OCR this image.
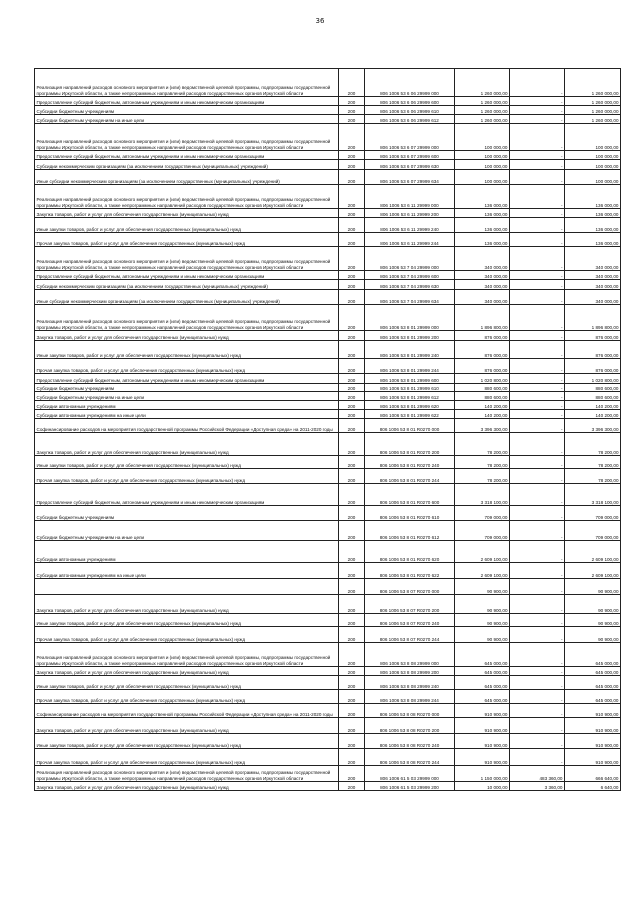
36
Реализация направлений расходов основного мероприятия и (или) ведомственной целевой программы, подпрограммы государственной программы Иркутской области, а также непрограммных направлений расходов государственных органов Иркутской области	200	806 1006 53 6 06 29999 000	1 260 000,00	-	1 260 000,00
Предоставление субсидий бюджетным, автономным учреждениям и иным некоммерческим организациям	200	806 1006 53 6 06 29999 600	1 260 000,00	-	1 260 000,00
Субсидии бюджетным учреждениям	200	806 1006 53 6 06 29999 610	1 260 000,00	-	1 260 000,00
Субсидии бюджетным учреждениям на иные цели	200	806 1006 53 6 06 29999 612	1 260 000,00	-	1 260 000,00
Реализация направлений расходов основного мероприятия и (или) ведомственной целевой программы, подпрограммы государственной программы Иркутской области, а также непрограммных направлений расходов государственных органов Иркутской области	200	806 1006 53 6 07 29999 000	100 000,00	-	100 000,00
Предоставление субсидий бюджетным, автономным учреждениям и иным некоммерческим организациям	200	806 1006 53 6 07 29999 600	100 000,00	-	100 000,00
Субсидии некоммерческим организациям (за исключением государственных (муниципальных) учреждений)	200	806 1006 53 6 07 29999 630	100 000,00	-	100 000,00
Иные субсидии некоммерческим организациям (за исключением государственных (муниципальных) учреждений)	200	806 1006 53 6 07 29999 634	100 000,00	-	100 000,00
Реализация направлений расходов основного мероприятия и (или) ведомственной целевой программы, подпрограммы государственной программы Иркутской области, а также непрограммных направлений расходов государственных органов Иркутской области	200	806 1006 53 6 11 29999 000	136 000,00	-	136 000,00
Закупка товаров, работ и услуг для обеспечения государственных (муниципальных) нужд	200	806 1006 53 6 11 29999 200	136 000,00	-	136 000,00
Иные закупки товаров, работ и услуг для обеспечения государственных (муниципальных) нужд	200	806 1006 53 6 11 29999 240	136 000,00	-	136 000,00
Прочая закупка товаров, работ и услуг для обеспечения государственных (муниципальных) нужд	200	806 1006 53 6 11 29999 244	136 000,00	-	136 000,00
Реализация направлений расходов основного мероприятия и (или) ведомственной целевой программы, подпрограммы государственной программы Иркутской области, а также непрограммных направлений расходов государственных органов Иркутской области	200	806 1006 53 7 04 29999 000	340 000,00	-	340 000,00
Предоставление субсидий бюджетным, автономным учреждениям и иным некоммерческим организациям	200	806 1006 53 7 04 29999 600	340 000,00	-	340 000,00
Субсидии некоммерческим организациям (за исключением государственных (муниципальных) учреждений)	200	806 1006 53 7 04 29999 630	340 000,00	-	340 000,00
Иные субсидии некоммерческим организациям (за исключением государственных (муниципальных) учреждений)	200	806 1006 53 7 04 29999 634	340 000,00	-	340 000,00
Реализация направлений расходов основного мероприятия и (или) ведомственной целевой программы, подпрограммы государственной программы Иркутской области, а также непрограммных направлений расходов государственных органов Иркутской области	200	806 1006 53 8 01 29999 000	1 896 800,00	-	1 896 800,00
Закупка товаров, работ и услуг для обеспечения государственных (муниципальных) нужд	200	806 1006 53 8 01 29999 200	876 000,00	-	876 000,00
Иные закупки товаров, работ и услуг для обеспечения государственных (муниципальных) нужд	200	806 1006 53 8 01 29999 240	876 000,00	-	876 000,00
Прочая закупка товаров, работ и услуг для обеспечения государственных (муниципальных) нужд	200	806 1006 53 8 01 29999 244	876 000,00	-	876 000,00
Предоставление субсидий бюджетным, автономным учреждениям и иным некоммерческим организациям	200	806 1006 53 8 01 29999 600	1 020 800,00	-	1 020 800,00
Субсидии бюджетным учреждениям	200	806 1006 53 8 01 29999 610	880 600,00	-	880 600,00
Субсидии бюджетным учреждениям на иные цели	200	806 1006 53 8 01 29999 612	880 600,00	-	880 600,00
Субсидии автономным учреждениям	200	806 1006 53 8 01 29999 620	140 200,00	-	140 200,00
Субсидии автономным учреждениям на иные цели	200	806 1006 53 8 01 29999 622	140 200,00	-	140 200,00
Софинансирование расходов на мероприятия государственной программы Российской Федерации «Доступная среда» на 2011-2020 годы	200	806 1006 53 8 01 R0270 000	3 396 300,00	-	3 396 300,00
Закупка товаров, работ и услуг для обеспечения государственных (муниципальных) нужд	200	806 1006 53 8 01 R0270 200	78 200,00	-	78 200,00
Иные закупки товаров, работ и услуг для обеспечения государственных (муниципальных) нужд	200	806 1006 53 8 01 R0270 240	78 200,00	-	78 200,00
Прочая закупка товаров, работ и услуг для обеспечения государственных (муниципальных) нужд	200	806 1006 53 8 01 R0270 244	78 200,00	-	78 200,00
Предоставление субсидий бюджетным, автономным учреждениям и иным некоммерческим организациям	200	806 1006 53 8 01 R0270 600	3 318 100,00	-	3 318 100,00
Субсидии бюджетным учреждениям	200	806 1006 53 8 01 R0270 610	709 000,00	-	709 000,00
Субсидии бюджетным учреждениям на иные цели	200	806 1006 53 8 01 R0270 612	709 000,00	-	709 000,00
Субсидии автономным учреждениям	200	806 1006 53 8 01 R0270 620	2 609 100,00	-	2 609 100,00
Субсидии автономным учреждениям на иные цели	200	806 1006 53 8 01 R0270 622	2 609 100,00	-	2 609 100,00
	200	806 1006 53 8 07 R0270 000	90 900,00	-	90 900,00
Закупка товаров, работ и услуг для обеспечения государственных (муниципальных) нужд	200	806 1006 53 8 07 R0270 200	90 900,00	-	90 900,00
Иные закупки товаров, работ и услуг для обеспечения государственных (муниципальных) нужд	200	806 1006 53 8 07 R0270 240	90 900,00	-	90 900,00
Прочая закупка товаров, работ и услуг для обеспечения государственных (муниципальных) нужд	200	806 1006 53 8 07 R0270 244	90 900,00	-	90 900,00
Реализация направлений расходов основного мероприятия и (или) ведомственной целевой программы, подпрограммы государственной программы Иркутской области, а также непрограммных направлений расходов государственных органов Иркутской области	200	806 1006 53 8 08 29999 000	645 000,00	-	645 000,00
Закупка товаров, работ и услуг для обеспечения государственных (муниципальных) нужд	200	806 1006 53 8 08 29999 200	645 000,00	-	645 000,00
Иные закупки товаров, работ и услуг для обеспечения государственных (муниципальных) нужд	200	806 1006 53 8 08 29999 240	645 000,00	-	645 000,00
Прочая закупка товаров, работ и услуг для обеспечения государственных (муниципальных) нужд	200	806 1006 53 8 08 29999 244	645 000,00	-	645 000,00
Софинансирование расходов на мероприятия государственной программы Российской Федерации «Доступная среда» на 2011-2020 годы	200	806 1006 53 8 08 R0270 000	910 900,00	-	910 900,00
Закупка товаров, работ и услуг для обеспечения государственных (муниципальных) нужд	200	806 1006 53 8 08 R0270 200	910 900,00	-	910 900,00
Иные закупки товаров, работ и услуг для обеспечения государственных (муниципальных) нужд	200	806 1006 53 8 08 R0270 240	910 900,00	-	910 900,00
Прочая закупка товаров, работ и услуг для обеспечения государственных (муниципальных) нужд	200	806 1006 53 8 08 R0270 244	910 900,00	-	910 900,00
Реализация направлений расходов основного мероприятия и (или) ведомственной целевой программы, подпрограммы государственной программы Иркутской области, а также непрограммных направлений расходов государственных органов Иркутской области	200	806 1006 61 5 03 29999 000	1 150 000,00	483 360,00	666 640,00
Закупка товаров, работ и услуг для обеспечения государственных (муниципальных) нужд	200	806 1006 61 5 03 29999 200	10 000,00	3 360,00	6 640,00
